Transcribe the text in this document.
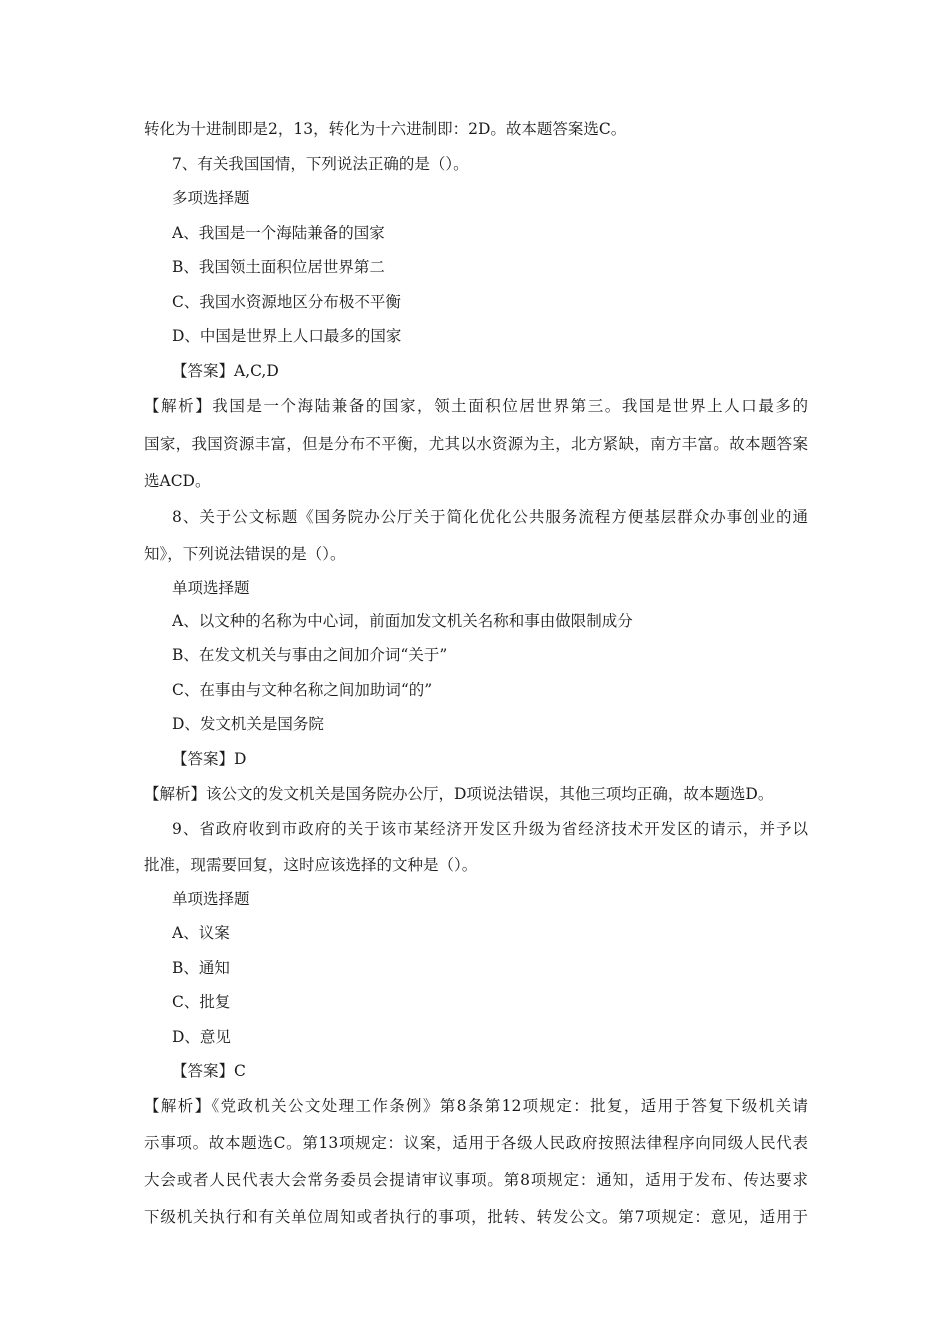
转化为十进制即是2，13，转化为十六进制即：2D。故本题答案选C。
7、有关我国国情，下列说法正确的是（）。
多项选择题
A、我国是一个海陆兼备的国家
B、我国领土面积位居世界第二
C、我国水资源地区分布极不平衡
D、中国是世界上人口最多的国家
【答案】A,C,D
【解析】我国是一个海陆兼备的国家，领土面积位居世界第三。我国是世界上人口最多的
国家，我国资源丰富，但是分布不平衡，尤其以水资源为主，北方紧缺，南方丰富。故本题答案
选ACD。
8、关于公文标题《国务院办公厅关于简化优化公共服务流程方便基层群众办事创业的通
知》，下列说法错误的是（）。
单项选择题
A、以文种的名称为中心词，前面加发文机关名称和事由做限制成分
B、在发文机关与事由之间加介词“关于”
C、在事由与文种名称之间加助词“的”
D、发文机关是国务院
【答案】D
【解析】该公文的发文机关是国务院办公厅，D项说法错误，其他三项均正确，故本题选D。
9、省政府收到市政府的关于该市某经济开发区升级为省经济技术开发区的请示，并予以
批准，现需要回复，这时应该选择的文种是（）。
单项选择题
A、议案
B、通知
C、批复
D、意见
【答案】C
【解析】《党政机关公文处理工作条例》第8条第12项规定：批复，适用于答复下级机关请
示事项。故本题选C。第13项规定：议案，适用于各级人民政府按照法律程序向同级人民代表
大会或者人民代表大会常务委员会提请审议事项。第8项规定：通知，适用于发布、传达要求
下级机关执行和有关单位周知或者执行的事项，批转、转发公文。第7项规定：意见，适用于
